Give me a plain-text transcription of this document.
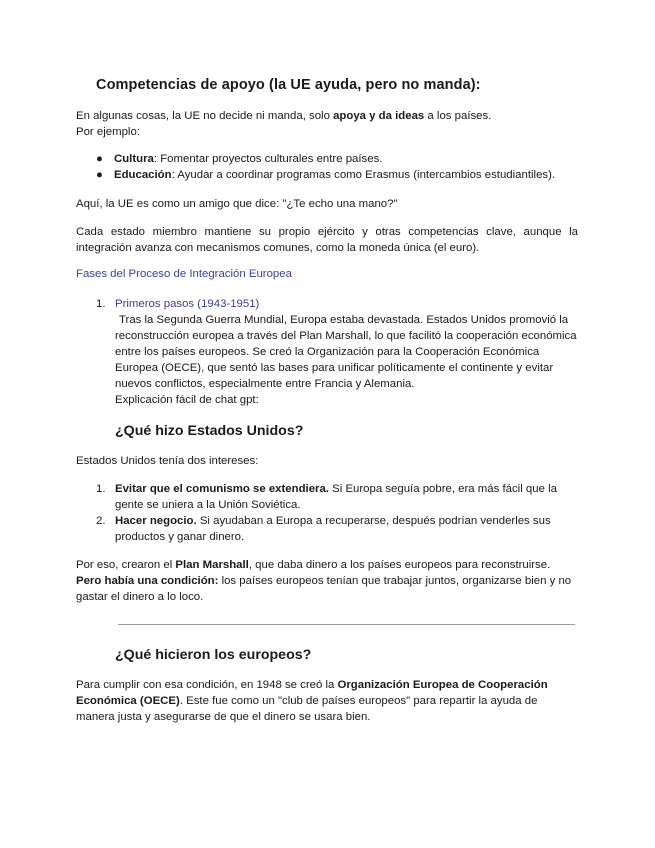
Competencias de apoyo (la UE ayuda, pero no manda):

En algunas cosas, la UE no decide ni manda, solo apoya y da ideas a los países.
Por ejemplo:

● Cultura: Fomentar proyectos culturales entre países.
● Educación: Ayudar a coordinar programas como Erasmus (intercambios estudiantiles).

Aquí, la UE es como un amigo que dice: "¿Te echo una mano?"

Cada estado miembro mantiene su propio ejército y otras competencias clave, aunque la integración avanza con mecanismos comunes, como la moneda única (el euro).

Fases del Proceso de Integración Europea
1. Primeros pasos (1943-1951)
Tras la Segunda Guerra Mundial, Europa estaba devastada. Estados Unidos promovió la reconstrucción europea a través del Plan Marshall, lo que facilitó la cooperación económica entre los países europeos. Se creó la Organización para la Cooperación Económica Europea (OECE), que sentó las bases para unificar políticamente el continente y evitar nuevos conflictos, especialmente entre Francia y Alemania.
Explicación fácil de chat gpt:
¿Qué hizo Estados Unidos?

Estados Unidos tenía dos intereses:

1. Evitar que el comunismo se extendiera. Si Europa seguía pobre, era más fácil que la gente se uniera a la Unión Soviética.
2. Hacer negocio. Si ayudaban a Europa a recuperarse, después podrían venderles sus productos y ganar dinero.

Por eso, crearon el Plan Marshall, que daba dinero a los países europeos para reconstruirse.
Pero había una condición: los países europeos tenían que trabajar juntos, organizarse bien y no gastar el dinero a lo loco.

¿Qué hicieron los europeos?

Para cumplir con esa condición, en 1948 se creó la Organización Europea de Cooperación Económica (OECE). Este fue como un "club de países europeos" para repartir la ayuda de manera justa y asegurarse de que el dinero se usara bien.
